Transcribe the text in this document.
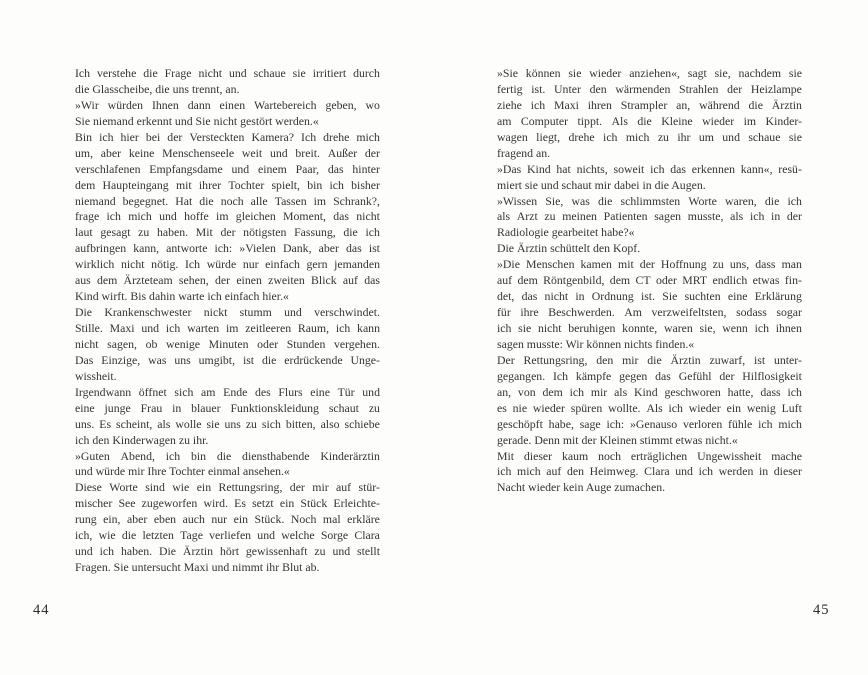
Ich verstehe die Frage nicht und schaue sie irritiert durch
die Glasscheibe, die uns trennt, an.
»Wir würden Ihnen dann einen Wartebereich geben, wo
Sie niemand erkennt und Sie nicht gestört werden.«
Bin ich hier bei der Versteckten Kamera? Ich drehe mich
um, aber keine Menschenseele weit und breit. Außer der
verschlafenen Empfangsdame und einem Paar, das hinter
dem Haupteingang mit ihrer Tochter spielt, bin ich bisher
niemand begegnet. Hat die noch alle Tassen im Schrank?,
frage ich mich und hoffe im gleichen Moment, das nicht
laut gesagt zu haben. Mit der nötigsten Fassung, die ich
aufbringen kann, antworte ich: »Vielen Dank, aber das ist
wirklich nicht nötig. Ich würde nur einfach gern jemanden
aus dem Ärzteteam sehen, der einen zweiten Blick auf das
Kind wirft. Bis dahin warte ich einfach hier.«
Die Krankenschwester nickt stumm und verschwindet.
Stille. Maxi und ich warten im zeitleeren Raum, ich kann
nicht sagen, ob wenige Minuten oder Stunden vergehen.
Das Einzige, was uns umgibt, ist die erdrückende Unge-
wissheit.
Irgendwann öffnet sich am Ende des Flurs eine Tür und
eine junge Frau in blauer Funktionskleidung schaut zu
uns. Es scheint, als wolle sie uns zu sich bitten, also schiebe
ich den Kinderwagen zu ihr.
»Guten Abend, ich bin die diensthabende Kinderärztin
und würde mir Ihre Tochter einmal ansehen.«
Diese Worte sind wie ein Rettungsring, der mir auf stür-
mischer See zugeworfen wird. Es setzt ein Stück Erleichte-
rung ein, aber eben auch nur ein Stück. Noch mal erkläre
ich, wie die letzten Tage verliefen und welche Sorge Clara
und ich haben. Die Ärztin hört gewissenhaft zu und stellt
Fragen. Sie untersucht Maxi und nimmt ihr Blut ab.
44
»Sie können sie wieder anziehen«, sagt sie, nachdem sie
fertig ist. Unter den wärmenden Strahlen der Heizlampe
ziehe ich Maxi ihren Strampler an, während die Ärztin
am Computer tippt. Als die Kleine wieder im Kinder-
wagen liegt, drehe ich mich zu ihr um und schaue sie
fragend an.
»Das Kind hat nichts, soweit ich das erkennen kann«, resü-
miert sie und schaut mir dabei in die Augen.
»Wissen Sie, was die schlimmsten Worte waren, die ich
als Arzt zu meinen Patienten sagen musste, als ich in der
Radiologie gearbeitet habe?«
Die Ärztin schüttelt den Kopf.
»Die Menschen kamen mit der Hoffnung zu uns, dass man
auf dem Röntgenbild, dem CT oder MRT endlich etwas fin-
det, das nicht in Ordnung ist. Sie suchten eine Erklärung
für ihre Beschwerden. Am verzweifeltsten, sodass sogar
ich sie nicht beruhigen konnte, waren sie, wenn ich ihnen
sagen musste: Wir können nichts finden.«
Der Rettungsring, den mir die Ärztin zuwarf, ist unter-
gegangen. Ich kämpfe gegen das Gefühl der Hilflosigkeit
an, von dem ich mir als Kind geschworen hatte, dass ich
es nie wieder spüren wollte. Als ich wieder ein wenig Luft
geschöpft habe, sage ich: »Genauso verloren fühle ich mich
gerade. Denn mit der Kleinen stimmt etwas nicht.«
Mit dieser kaum noch erträglichen Ungewissheit mache
ich mich auf den Heimweg. Clara und ich werden in dieser
Nacht wieder kein Auge zumachen.
45
